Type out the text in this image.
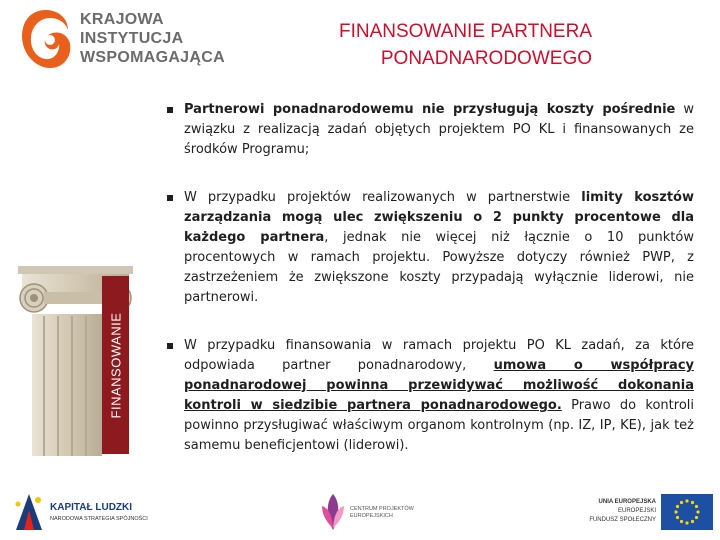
KRAJOWA
INSTYTUCJA
WSPOMAGAJĄCA
FINANSOWANIE PARTNERA
PONADNARODOWEGO
FINANSOWANIE
Partnerowi ponadnarodowemu nie przysługują koszty pośrednie w związku z realizacją zadań objętych projektem PO KL i finansowanych ze środków Programu;
W przypadku projektów realizowanych w partnerstwie limity kosztów zarządzania mogą ulec zwiększeniu o 2 punkty procentowe dla każdego partnera, jednak nie więcej niż łącznie o 10 punktów procentowych w ramach projektu. Powyższe dotyczy również PWP, z zastrzeżeniem że zwiększone koszty przypadają wyłącznie liderowi, nie partnerowi.
W przypadku finansowania w ramach projektu PO KL zadań, za które odpowiada partner ponadnarodowy, umowa o współpracy ponadnarodowej powinna przewidywać możliwość dokonania kontroli w siedzibie partnera ponadnarodowego. Prawo do kontroli powinno przysługiwać właściwym organom kontrolnym (np. IZ, IP, KE), jak też samemu beneficjentowi (liderowi).
KAPITAŁ LUDZKI
NARODOWA STRATEGIA SPÓJNOŚCI
CENTRUM PROJEKTÓW
EUROPEJSKICH
UNIA EUROPEJSKA
EUROPEJSKI
FUNDUSZ SPOŁECZNY
